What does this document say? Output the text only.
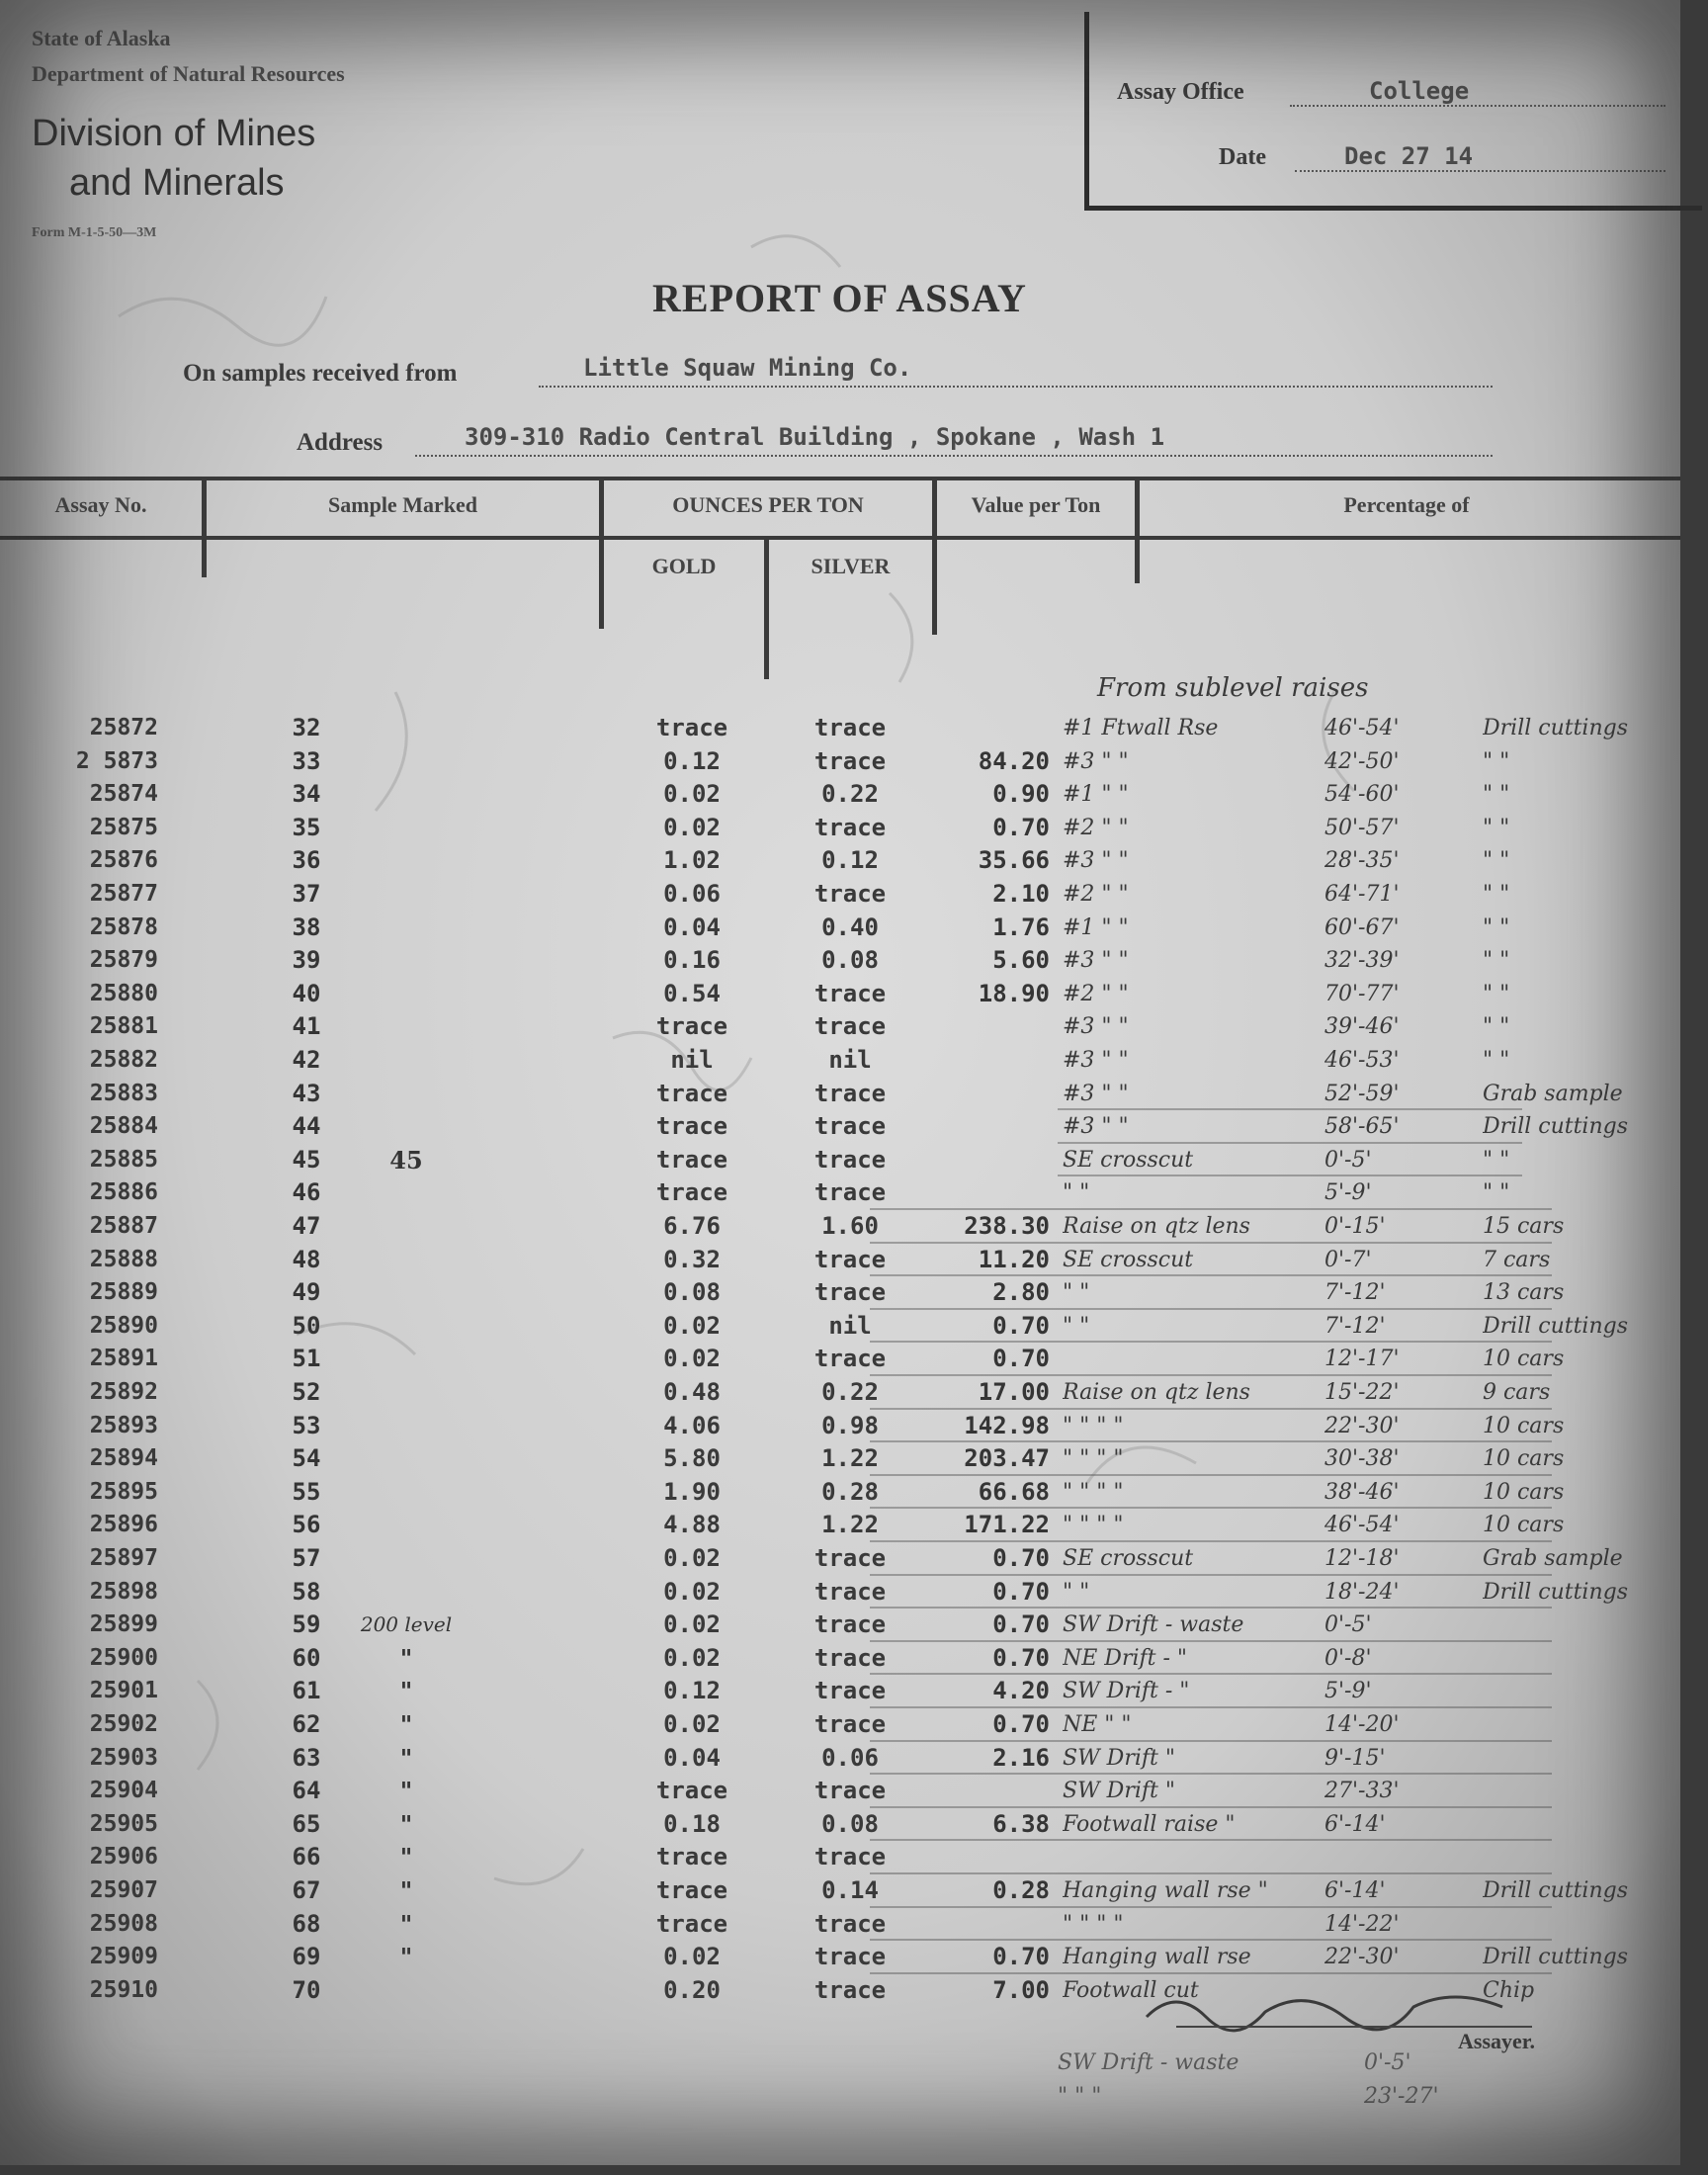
State of Alaska
Department of Natural Resources
Division of Mines
and Minerals
Form M-1-5-50—3M
Assay Office	College
Date	Dec 27 14
REPORT OF ASSAY
On samples received from	Little Squaw Mining Co.
Address	309-310 Radio Central Building , Spokane , Wash 1
Assay No.	Sample Marked	OUNCES PER TON
GOLD	SILVER
Value per Ton	Percentage of
From sublevel raises
25872	32	trace	trace	#1 Ftwall Rse	46'-54'	Drill cuttings
2 5873	33	0.12	trace	84.20 #3 " "	42'-50'	" "
25874	34	0.02	0.22	0.90 #1 " "	54'-60'	" "
25875	35	0.02	trace	0.70 #2 " "	50'-57'	" "
25876	36	1.02	0.12	35.66 #3 " "	28'-35'	" "
25877	37	0.06	trace	2.10 #2 " "	64'-71'	" "
25878	38	0.04	0.40	1.76 #1 " "	60'-67'	" "
25879	39	0.16	0.08	5.60 #3 " "	32'-39'	" "
25880	40	0.54	trace	18.90 #2 " "	70'-77'	" "
25881	41	trace	trace	#3 " "	39'-46'	" "
25882	42	nil	nil	#3 " "	46'-53'	" "
25883	43	trace	trace	#3 " "	52'-59'	Grab sample
25884	44	trace	trace	#3 " "	58'-65'	Drill cuttings
25885	45	45	trace	trace	SE crosscut	0'-5'	" "
25886	46	trace	trace	" "	5'-9'	" "
25887	47	6.76	1.60	238.30 Raise on qtz lens	0'-15'	15 cars
25888	48	0.32	trace	11.20 SE crosscut	0'-7'	7 cars
25889	49	0.08	trace	2.80 " "	7'-12'	13 cars
25890	50	0.02	nil	0.70 " "	7'-12'	Drill cuttings
25891	51	0.02	trace	0.70	12'-17'	10 cars
25892	52	0.48	0.22	17.00 Raise on qtz lens	15'-22'	9 cars
25893	53	4.06	0.98	142.98 " " " "	22'-30'	10 cars
25894	54	5.80	1.22	203.47 " " " "	30'-38'	10 cars
25895	55	1.90	0.28	66.68 " " " "	38'-46'	10 cars
25896	56	4.88	1.22	171.22 " " " "	46'-54'	10 cars
25897	57	0.02	trace	0.70 SE crosscut	12'-18'	Grab sample
25898	58	0.02	trace	0.70 " "	18'-24'	Drill cuttings
25899	59	200 level	0.02	trace	0.70 SW Drift - waste	0'-5'
25900	60	"	0.02	trace	0.70 NE Drift - "	0'-8'
25901	61	"	0.12	trace	4.20 SW Drift - "	5'-9'
25902	62	"	0.02	trace	0.70 NE " "	14'-20'
25903	63	"	0.04	0.06	2.16 SW Drift "	9'-15'
25904	64	"	trace	trace	SW Drift "	27'-33'
25905	65	"	0.18	0.08	6.38 Footwall raise "	6'-14'
25906	66	"	trace	trace
25907	67	"	trace	0.14	0.28 Hanging wall rse "	6'-14'	Drill cuttings
25908	68	"	trace	trace	" " " "	14'-22'
25909	69	"	0.02	trace	0.70 Hanging wall rse	22'-30'	Drill cuttings
25910	70	0.20	trace	7.00 Footwall cut	Chip
Assayer.
SW Drift - waste	0'-5'
" " "	23'-27'
